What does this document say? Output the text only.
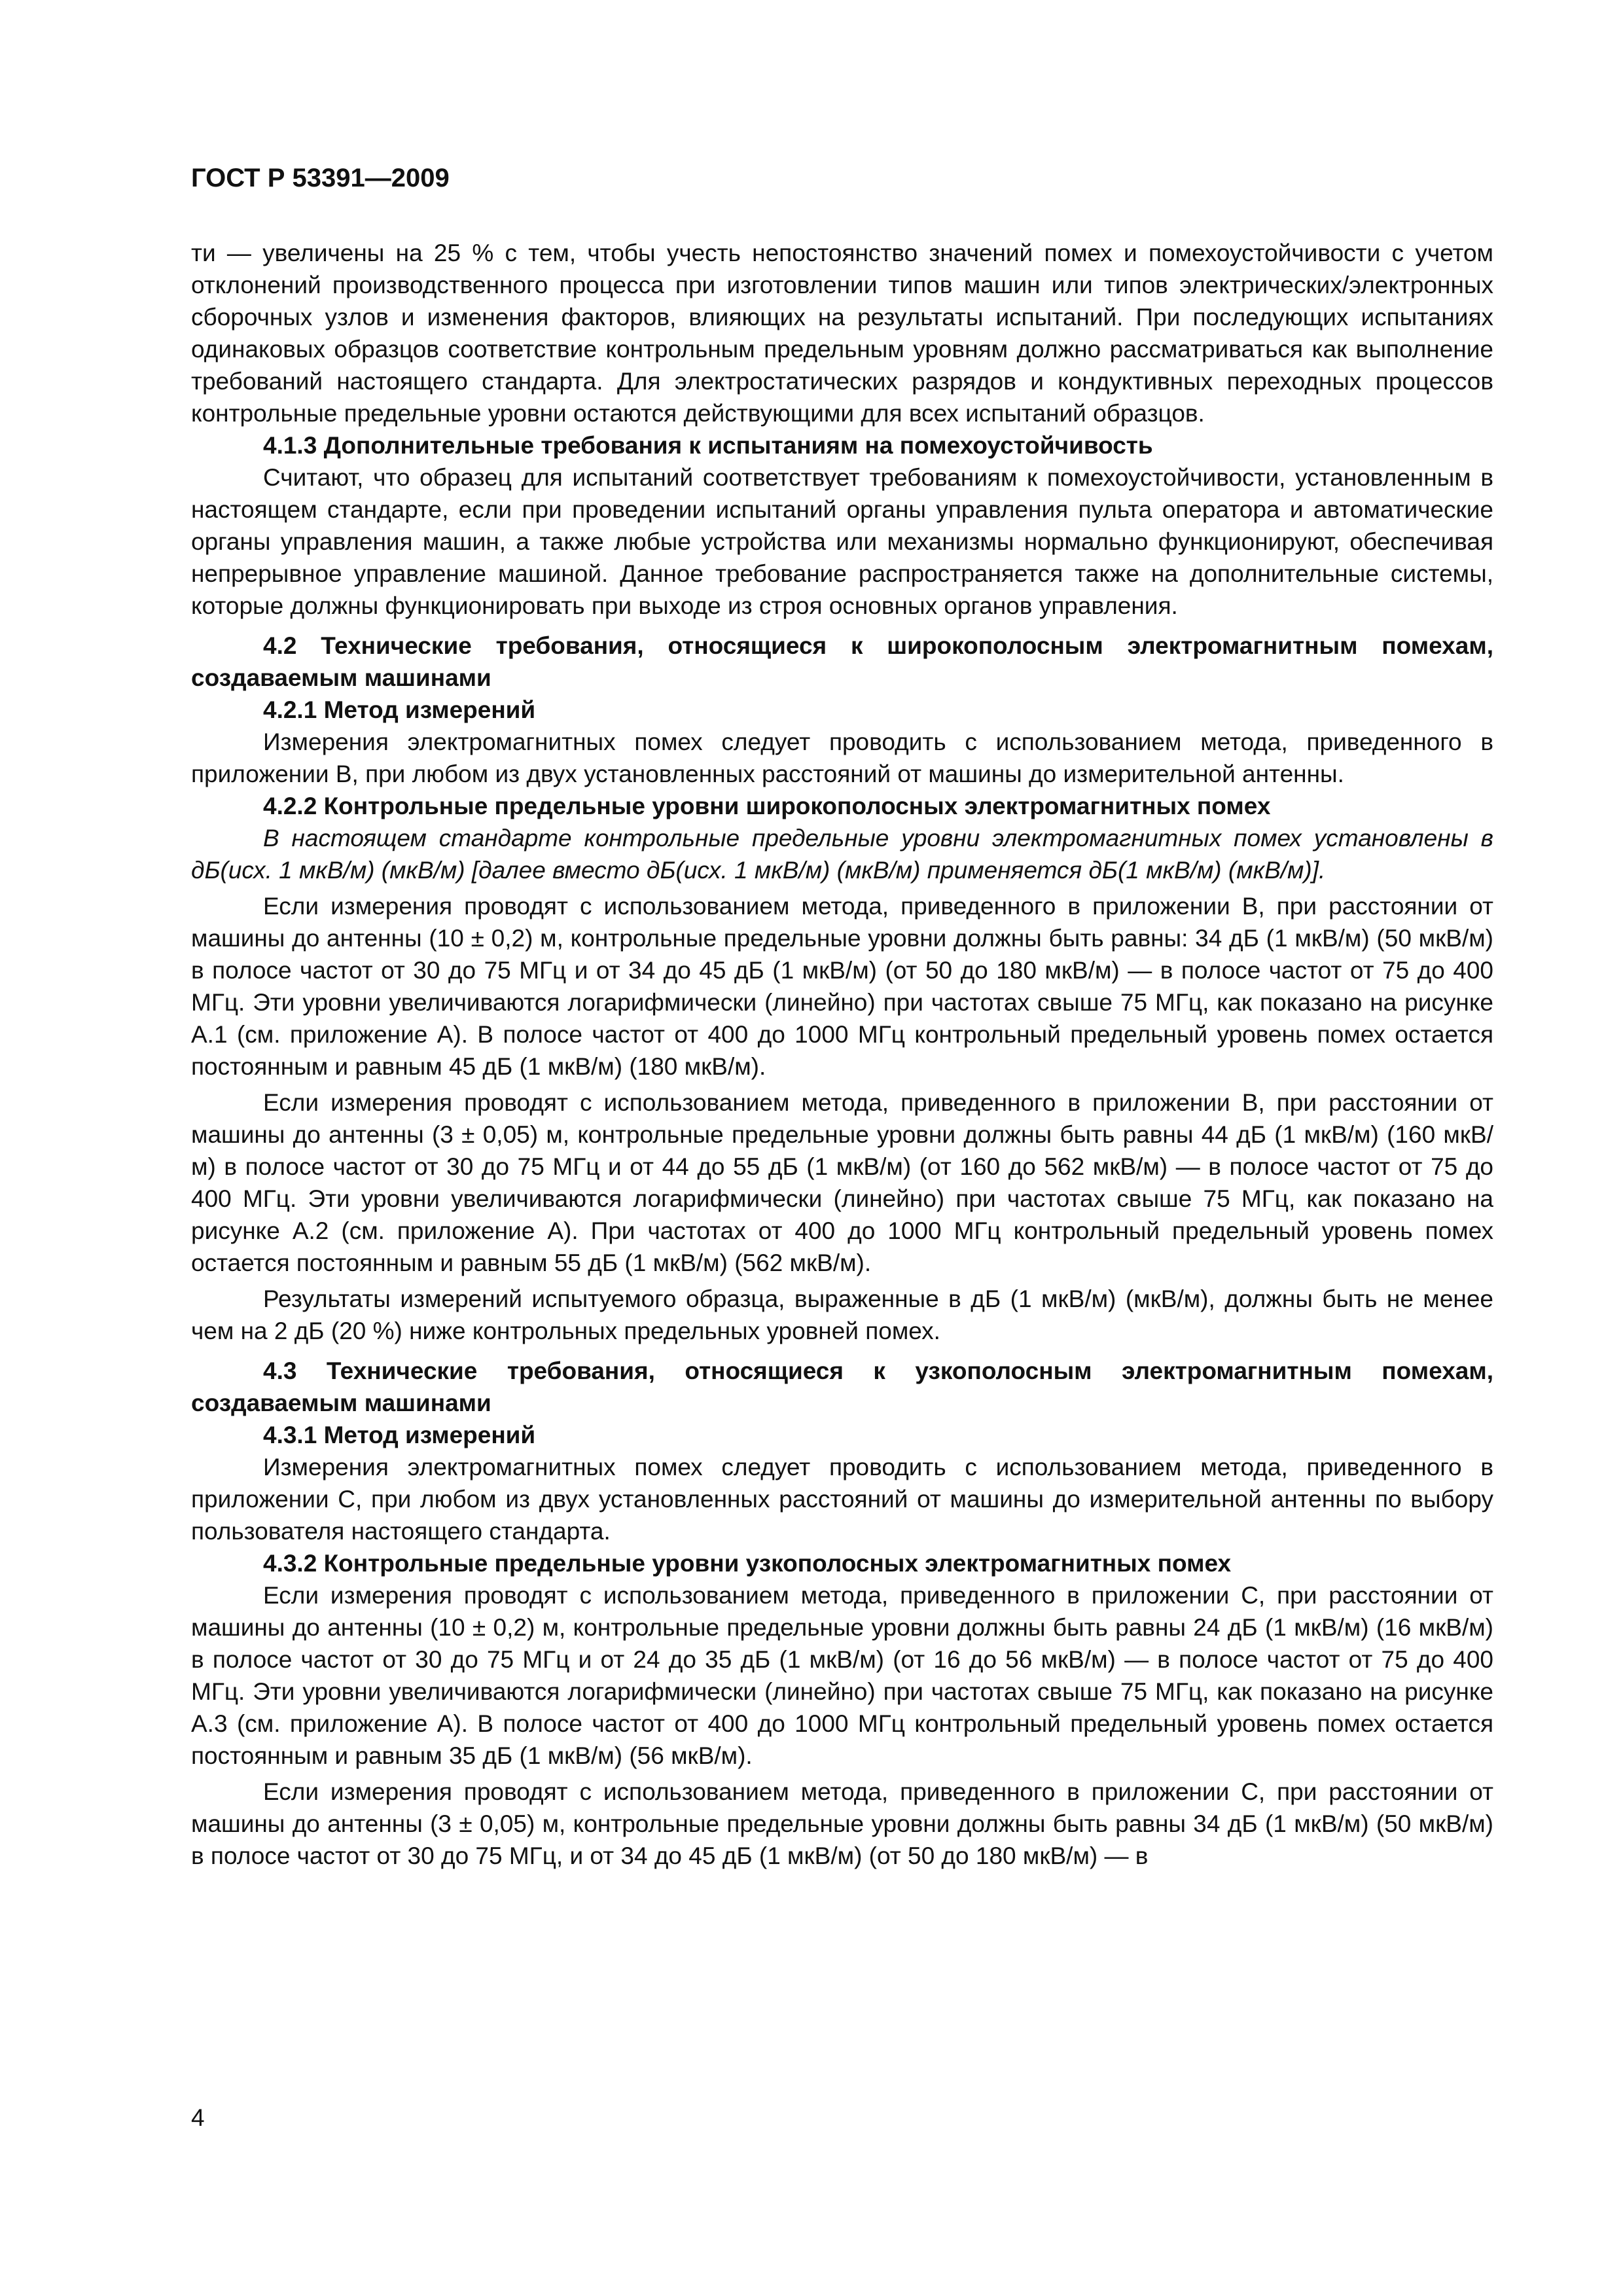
ГОСТ Р 53391—2009

ти — увеличены на 25 % с тем, чтобы учесть непостоянство значений помех и помехоустойчивости с учетом отклонений производственного процесса при изготовлении типов машин или типов электрических/электронных сборочных узлов и изменения факторов, влияющих на результаты испытаний. При последующих испытаниях одинаковых образцов соответствие контрольным предельным уровням должно рассматриваться как выполнение требований настоящего стандарта. Для электростатических разрядов и кондуктивных переходных процессов контрольные предельные уровни остаются действующими для всех испытаний образцов.

4.1.3 Дополнительные требования к испытаниям на помехоустойчивость

Считают, что образец для испытаний соответствует требованиям к помехоустойчивости, установленным в настоящем стандарте, если при проведении испытаний органы управления пульта оператора и автоматические органы управления машин, а также любые устройства или механизмы нормально функционируют, обеспечивая непрерывное управление машиной. Данное требование распространяется также на дополнительные системы, которые должны функционировать при выходе из строя основных органов управления.

4.2 Технические требования, относящиеся к широкополосным электромагнитным помехам, создаваемым машинами

4.2.1 Метод измерений

Измерения электромагнитных помех следует проводить с использованием метода, приведенного в приложении В, при любом из двух установленных расстояний от машины до измерительной антенны.

4.2.2 Контрольные предельные уровни широкополосных электромагнитных помех

В настоящем стандарте контрольные предельные уровни электромагнитных помех установлены в дБ(исх. 1 мкВ/м) (мкВ/м) [далее вместо дБ(исх. 1 мкВ/м) (мкВ/м) применяется дБ(1 мкВ/м) (мкВ/м)].

Если измерения проводят с использованием метода, приведенного в приложении В, при расстоянии от машины до антенны (10 ± 0,2) м, контрольные предельные уровни должны быть равны: 34 дБ (1 мкВ/м) (50 мкВ/м) в полосе частот от 30 до 75 МГц и от 34 до 45 дБ (1 мкВ/м) (от 50 до 180 мкВ/м) — в полосе частот от 75 до 400 МГц. Эти уровни увеличиваются логарифмически (линейно) при частотах свыше 75 МГц, как показано на рисунке А.1 (см. приложение А). В полосе частот от 400 до 1000 МГц контрольный предельный уровень помех остается постоянным и равным 45 дБ (1 мкВ/м) (180 мкВ/м).

Если измерения проводят с использованием метода, приведенного в приложении В, при расстоянии от машины до антенны (3 ± 0,05) м, контрольные предельные уровни должны быть равны 44 дБ (1 мкВ/м) (160 мкВ/м) в полосе частот от 30 до 75 МГц и от 44 до 55 дБ (1 мкВ/м) (от 160 до 562 мкВ/м) — в полосе частот от 75 до 400 МГц. Эти уровни увеличиваются логарифмически (линейно) при частотах свыше 75 МГц, как показано на рисунке А.2 (см. приложение А). При частотах от 400 до 1000 МГц контрольный предельный уровень помех остается постоянным и равным 55 дБ (1 мкВ/м) (562 мкВ/м).

Результаты измерений испытуемого образца, выраженные в дБ (1 мкВ/м) (мкВ/м), должны быть не менее чем на 2 дБ (20 %) ниже контрольных предельных уровней помех.

4.3 Технические требования, относящиеся к узкополосным электромагнитным помехам, создаваемым машинами

4.3.1 Метод измерений

Измерения электромагнитных помех следует проводить с использованием метода, приведенного в приложении С, при любом из двух установленных расстояний от машины до измерительной антенны по выбору пользователя настоящего стандарта.

4.3.2 Контрольные предельные уровни узкополосных электромагнитных помех

Если измерения проводят с использованием метода, приведенного в приложении С, при расстоянии от машины до антенны (10 ± 0,2) м, контрольные предельные уровни должны быть равны 24 дБ (1 мкВ/м) (16 мкВ/м) в полосе частот от 30 до 75 МГц и от 24 до 35 дБ (1 мкВ/м) (от 16 до 56 мкВ/м) — в полосе частот от 75 до 400 МГц. Эти уровни увеличиваются логарифмически (линейно) при частотах свыше 75 МГц, как показано на рисунке А.3 (см. приложение А). В полосе частот от 400 до 1000 МГц контрольный предельный уровень помех остается постоянным и равным 35 дБ (1 мкВ/м) (56 мкВ/м).

Если измерения проводят с использованием метода, приведенного в приложении С, при расстоянии от машины до антенны (3 ± 0,05) м, контрольные предельные уровни должны быть равны 34 дБ (1 мкВ/м) (50 мкВ/м) в полосе частот от 30 до 75 МГц, и от 34 до 45 дБ (1 мкВ/м) (от 50 до 180 мкВ/м) — в

4
